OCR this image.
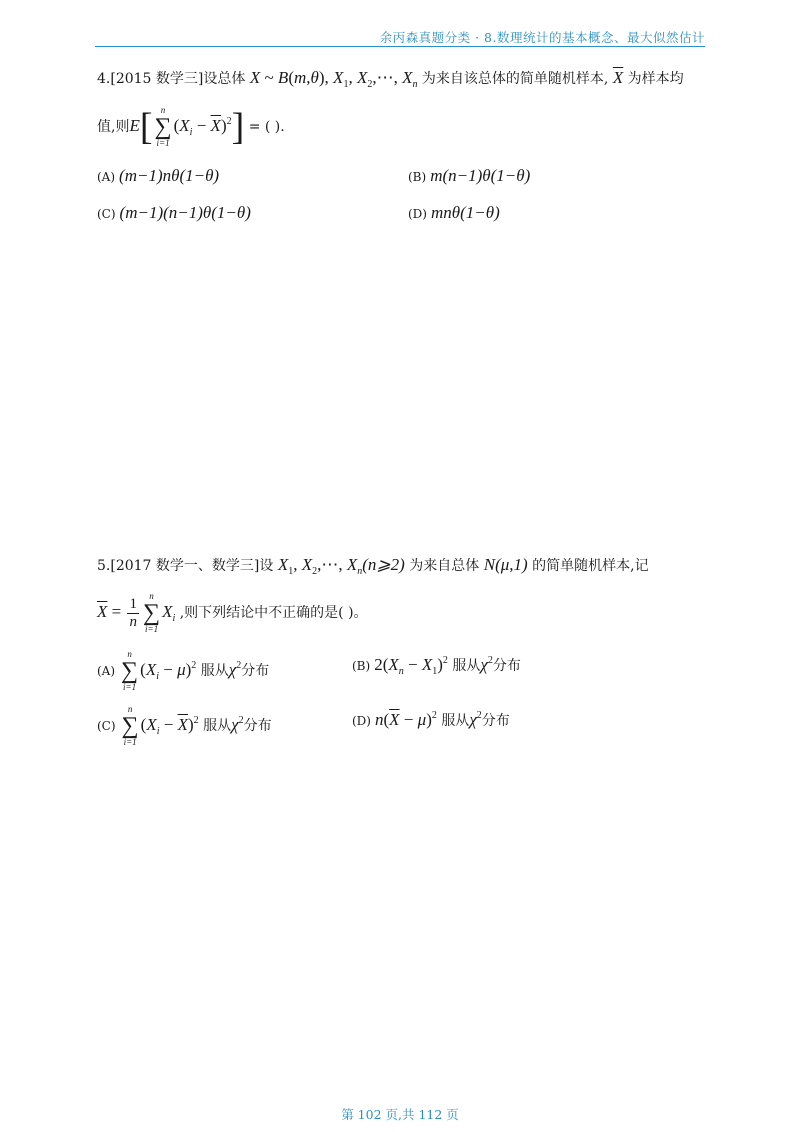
余丙森真题分类 · 8.数理统计的基本概念、最大似然估计
4.[2015 数学三]设总体 X ~ B(m,θ), $X_1$, $X_2,\cdots$, $X_n$ 为来自该总体的简单随机样本, $\overline{X}$ 为样本均
值,则E[ n
∑
i=1
$(X_i - \overline{X})^2$] = ( ).
(A) (m−1)nθ(1−θ)	(B) m(n−1)θ(1−θ)
(C) (m−1)(n−1)θ(1−θ)	(D) mnθ(1−θ)
5.[2017 数学一、数学三]设 $X_1$, $X_2,\cdots$, $X_n(n⩾2)$ 为来自总体 N(μ,1) 的简单随机样本,记
$\overline{X} = \frac{1}{n}$ n
∑
i=1
$X_i$ ,则下列结论中不正确的是( )。
(A)
n
∑
i=1
$(X_i - \mu)^2$ 服从$\chi^2$分布	(B) $2(X_n - X_1)^2$ 服从$\chi^2$分布
(C)
n
∑
i=1
$(X_i - \overline{X})^2$ 服从$\chi^2$分布	(D) $n(\overline{X} - \mu)^2$ 服从$\chi^2$分布
第 102 页,共 112 页
